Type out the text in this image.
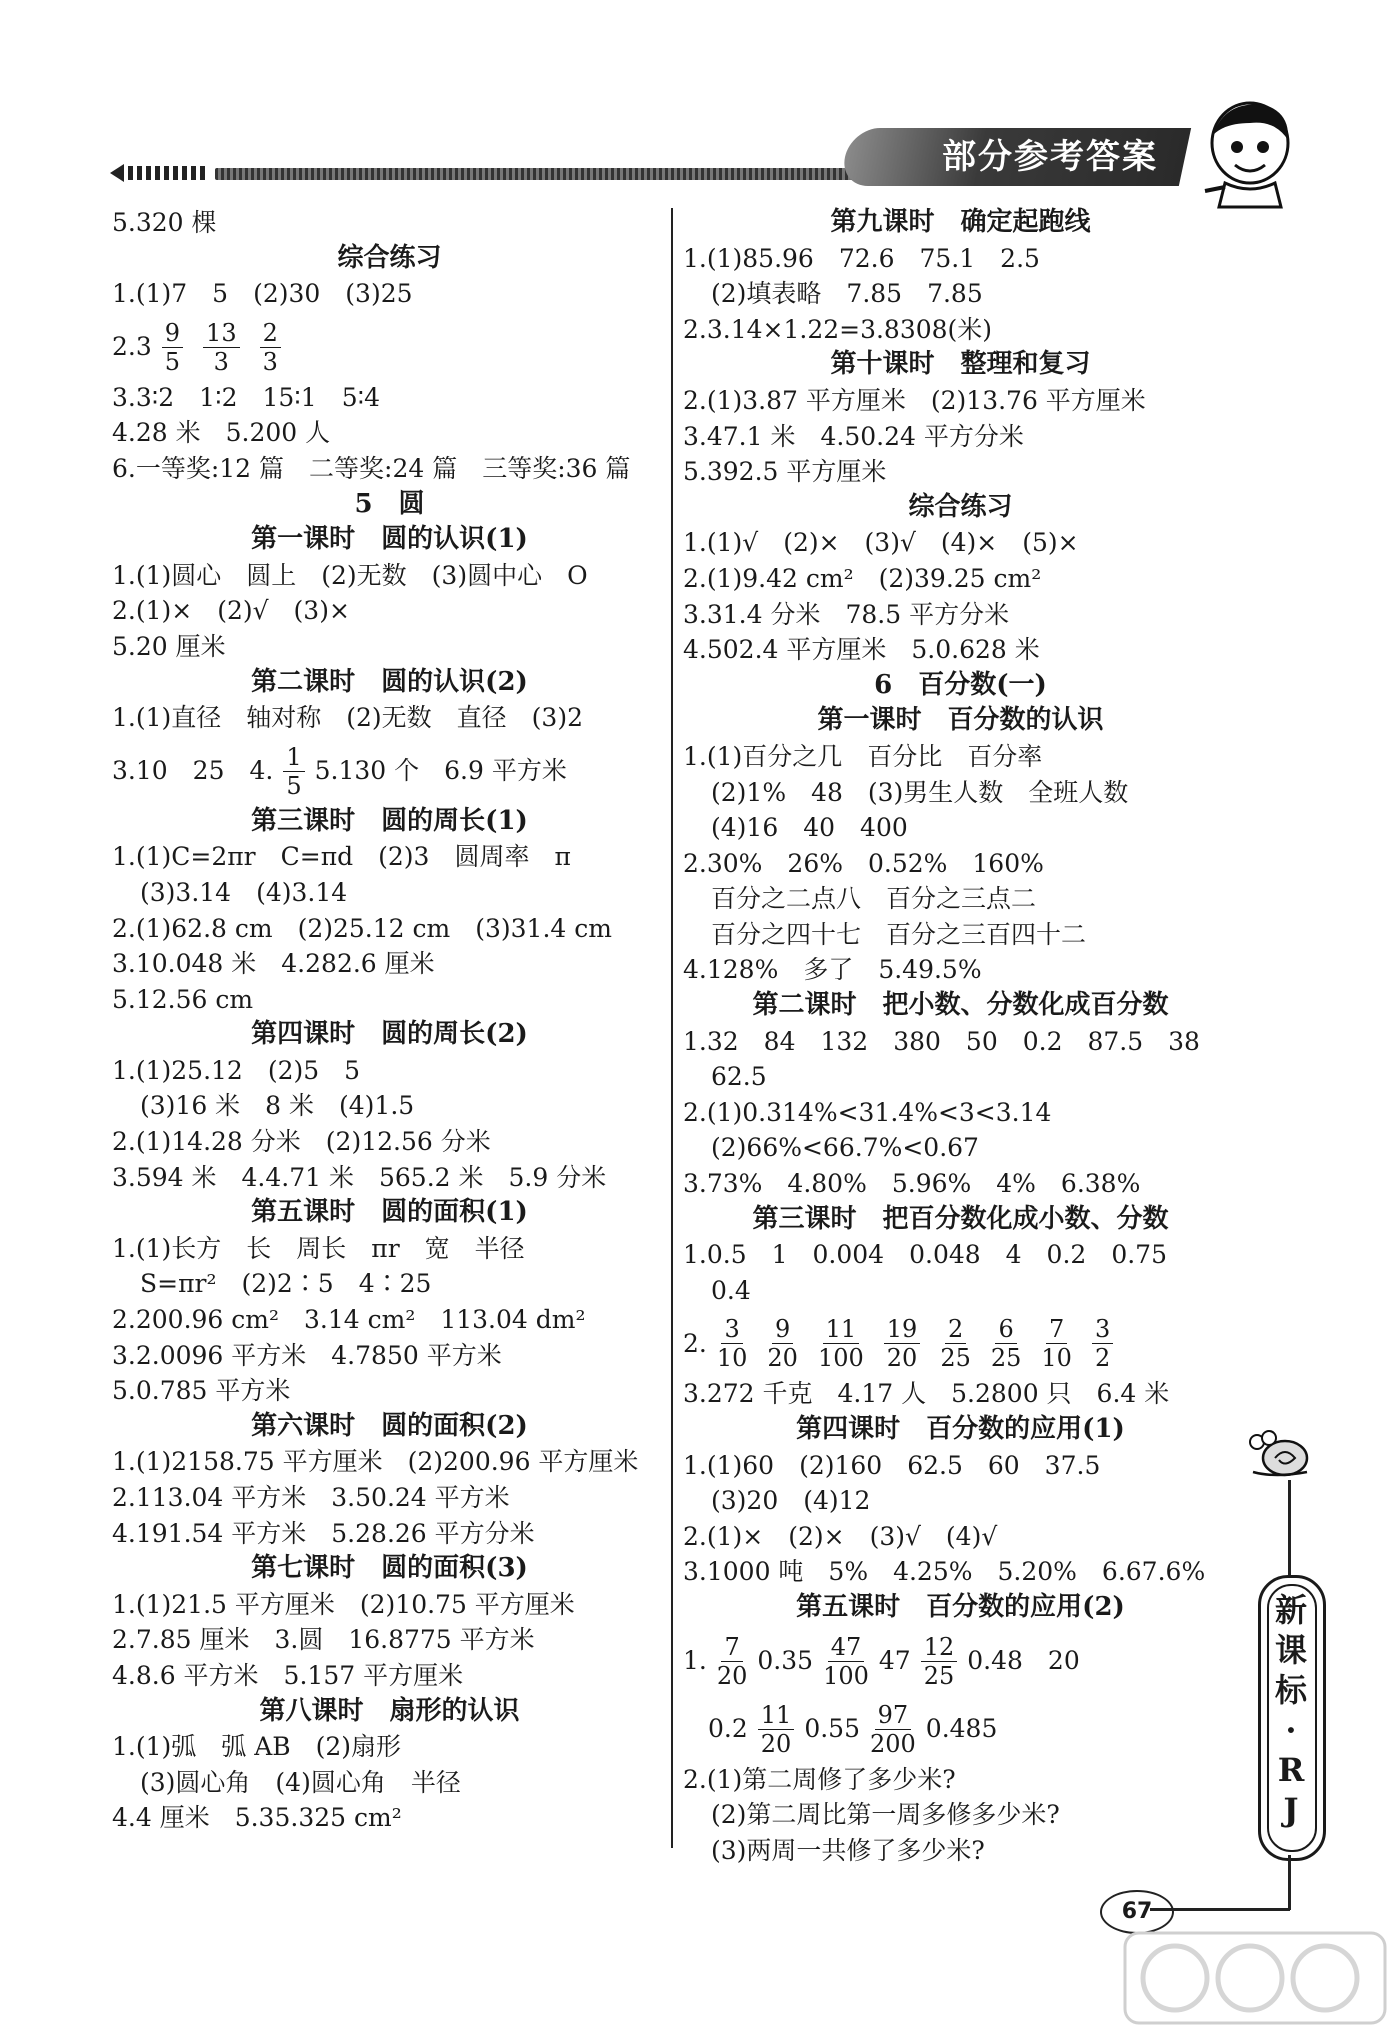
部分参考答案
5.320 棵
综合练习
1.(1)7　5　(2)30　(3)25
$2.3 \frac{9}{5} \frac{13}{3} \frac{2}{3}$
3.3∶2　1∶2　15∶1　5∶4
4.28 米　5.200 人
6.一等奖:12 篇　二等奖:24 篇　三等奖:36 篇
5　圆
第一课时　圆的认识(1)
1.(1)圆心　圆上　(2)无数　(3)圆中心　O
2.(1)×　(2)√　(3)×
5.20 厘米
第二课时　圆的认识(2)
1.(1)直径　轴对称　(2)无数　直径　(3)2
3.10　25　4. $\frac{1}{5} 5.130$ 个　6.9 平方米
第三课时　圆的周长(1)
1.(1)C=2πr　C=πd　(2)3　圆周率　π
(3)3.14　(4)3.14
2.(1)62.8 cm　(2)25.12 cm　(3)31.4 cm
3.10.048 米　4.282.6 厘米
5.12.56 cm
第四课时　圆的周长(2)
1.(1)25.12　(2)5　5
(3)16 米　8 米　(4)1.5
2.(1)14.28 分米　(2)12.56 分米
3.594 米　4.4.71 米　565.2 米　5.9 分米
第五课时　圆的面积(1)
1.(1)长方　长　周长　πr　宽　半径
S=πr²　(2)2∶5　4∶25
2.200.96 cm²　3.14 cm²　113.04 dm²
3.2.0096 平方米　4.7850 平方米
5.0.785 平方米
第六课时　圆的面积(2)
1.(1)2158.75 平方厘米　(2)200.96 平方厘米
2.113.04 平方米　3.50.24 平方米
4.191.54 平方米　5.28.26 平方分米
第七课时　圆的面积(3)
1.(1)21.5 平方厘米　(2)10.75 平方厘米
2.7.85 厘米　3.圆　16.8775 平方米
4.8.6 平方米　5.157 平方厘米
第八课时　扇形的认识
1.(1)弧　弧 AB　(2)扇形
(3)圆心角　(4)圆心角　半径
4.4 厘米　5.35.325 cm²
第九课时　确定起跑线
1.(1)85.96　72.6　75.1　2.5
(2)填表略　7.85　7.85
2.3.14×1.22=3.8308(米)
第十课时　整理和复习
2.(1)3.87 平方厘米　(2)13.76 平方厘米
3.47.1 米　4.50.24 平方分米
5.392.5 平方厘米
综合练习
1.(1)√　(2)×　(3)√　(4)×　(5)×
2.(1)9.42 cm²　(2)39.25 cm²
3.31.4 分米　78.5 平方分米
4.502.4 平方厘米　5.0.628 米
6　百分数(一)
第一课时　百分数的认识
1.(1)百分之几　百分比　百分率
(2)1%　48　(3)男生人数　全班人数
(4)16　40　400
2.30%　26%　0.52%　160%
百分之二点八　百分之三点二
百分之四十七　百分之三百四十二
4.128%　多了　5.49.5%
第二课时　把小数、分数化成百分数
1.32　84　132　380　50　0.2　87.5　38
62.5
2.(1)0.314%<31.4%<3<3.14
(2)66%<66.7%<0.67
3.73%　4.80%　5.96%　4%　6.38%
第三课时　把百分数化成小数、分数
1.0.5　1　0.004　0.048　4　0.2　0.75
0.4
2. $\frac{3}{10} \frac{9}{20} \frac{11}{100} \frac{19}{20} \frac{2}{25} \frac{6}{25} \frac{7}{10} \frac{3}{2}$
3.272 千克　4.17 人　5.2800 只　6.4 米
第四课时　百分数的应用(1)
1.(1)60　(2)160　62.5　60　37.5
(3)20　(4)12
2.(1)×　(2)×　(3)√　(4)√
3.1000 吨　5%　4.25%　5.20%　6.67.6%
第五课时　百分数的应用(2)
1. $\frac{7}{20} 0.35 \frac{47}{100} 47 \frac{12}{25} 0.48$　20
　$0.2 \frac{11}{20} 0.55 \frac{97}{200} 0.485$
2.(1)第二周修了多少米?
(2)第二周比第一周多修多少米?
(3)两周一共修了多少米?
新
课
标
·
R
J
67
